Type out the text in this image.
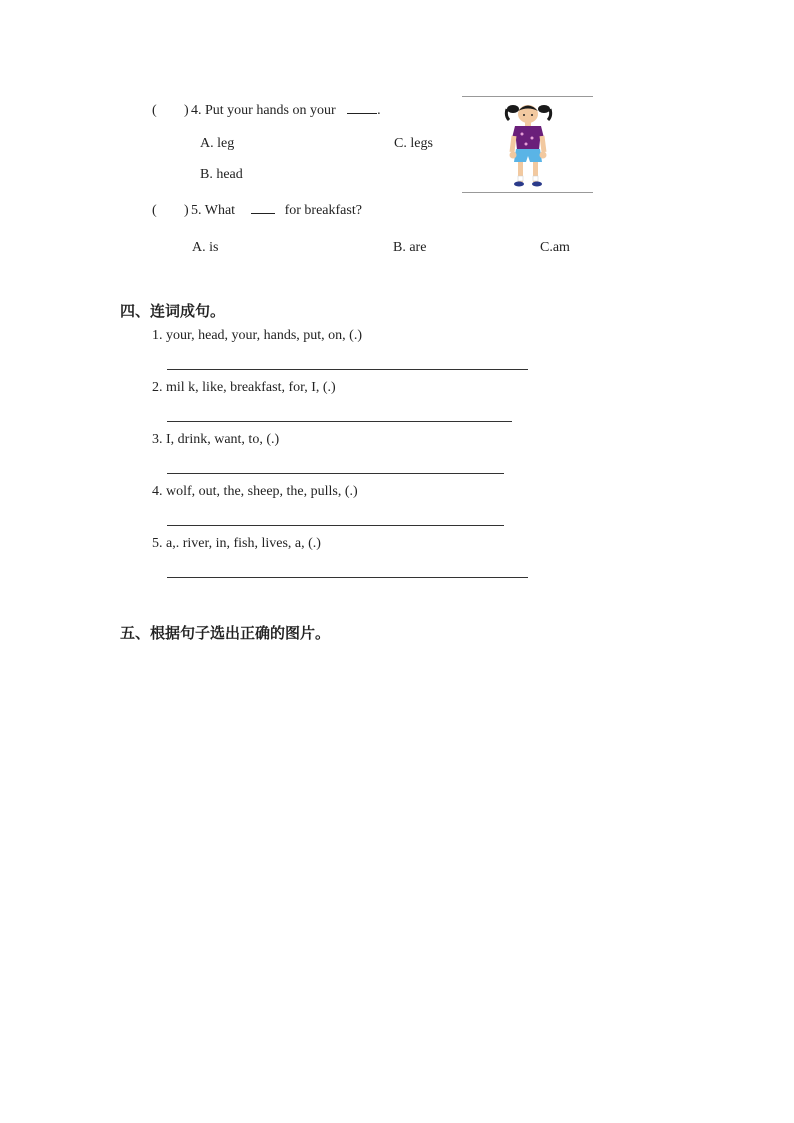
( ) 4. Put your hands on your	.
A. leg	C. legs
B. head
( ) 5. What	for breakfast?
A. is	B. are	C.am
四、连词成句。
1. your, head, your, hands, put, on, (.)
2. mil k, like, breakfast, for, I, (.)
3. I, drink, want, to, (.)
4. wolf, out, the, sheep, the, pulls, (.)
5. a,. river, in, fish, lives, a, (.)
五、根据句子选出正确的图片。
